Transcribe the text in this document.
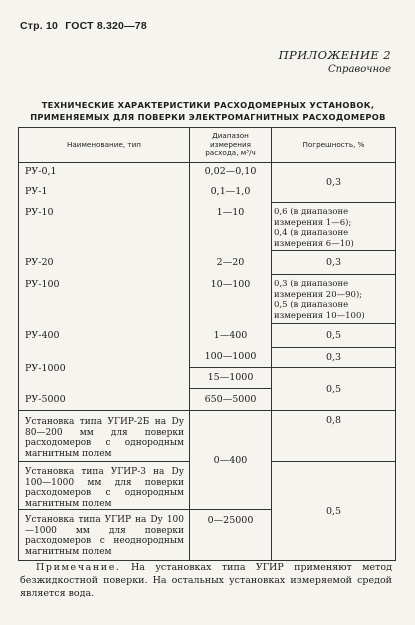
Стр. 10 ГОСТ 8.320—78
ПРИЛОЖЕНИЕ 2
Справочное
ТЕХНИЧЕСКИЕ ХАРАКТЕРИСТИКИ РАСХОДОМЕРНЫХ УСТАНОВОК,
ПРИМЕНЯЕМЫХ ДЛЯ ПОВЕРКИ ЭЛЕКТРОМАГНИТНЫХ РАСХОДОМЕРОВ
Наименование, тип	Диапазон измерения расхода, м³/ч	Погрешность, %
РУ-0,1	0,02—0,10	0,3
РУ-1	0,1—1,0	
РУ-10	1—10	0,6 (в диапазоне измерения 1—6);
0,4 (в диапазоне измерения 6—10)

РУ-20	2—20	0,3
РУ-100	10—100	0,3 (в диапазоне измерения 20—90);
0,5 (в диапазоне измерения 10—100)

РУ-400	1—400	0,5
РУ-1000	100—1000	0,3
	15—1000	0,5
РУ-5000	650—5000	
Установка типа УГИР-2Б на Dу 80—200 мм для поверки расходомеров с однородным магнитным полем	0—400	0,8
Установка типа УГИР-3 на Dу 100—1000 мм для поверки расходомеров с однородным магнитным полем		0,5
Установка типа УГИР на Dу 100—1000 мм для поверки расходомеров с неоднородным магнитным полем	0—25000	
Примечание. На установках типа УГИР применяют метод безжидкостной поверки. На остальных установках измеряемой средой является вода.
